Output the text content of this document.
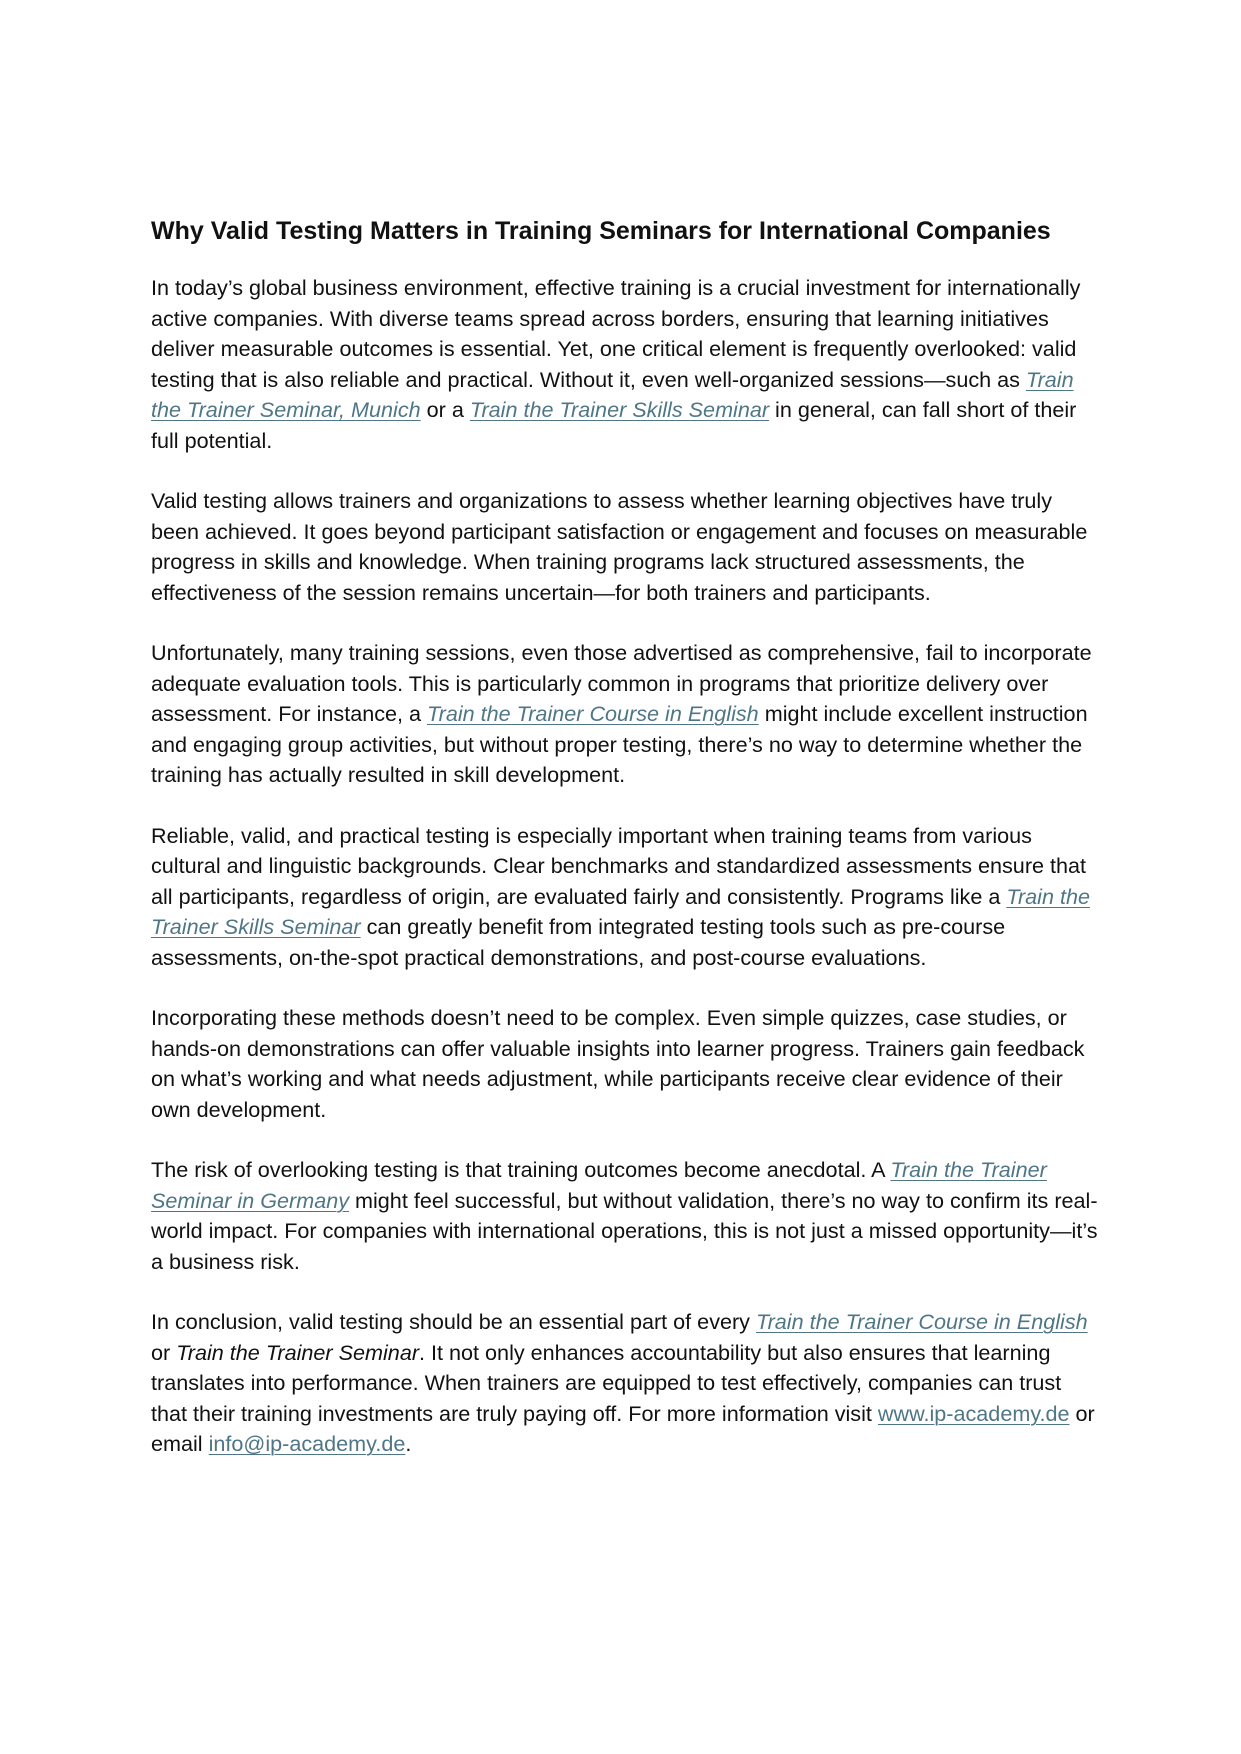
Why Valid Testing Matters in Training Seminars for International Companies

In today’s global business environment, effective training is a crucial investment for internationally active companies. With diverse teams spread across borders, ensuring that learning initiatives deliver measurable outcomes is essential. Yet, one critical element is frequently overlooked: valid testing that is also reliable and practical. Without it, even well-organized sessions—such as Train the Trainer Seminar, Munich or a Train the Trainer Skills Seminar in general, can fall short of their full potential.

Valid testing allows trainers and organizations to assess whether learning objectives have truly been achieved. It goes beyond participant satisfaction or engagement and focuses on measurable progress in skills and knowledge. When training programs lack structured assessments, the effectiveness of the session remains uncertain—for both trainers and participants.

Unfortunately, many training sessions, even those advertised as comprehensive, fail to incorporate adequate evaluation tools. This is particularly common in programs that prioritize delivery over assessment. For instance, a Train the Trainer Course in English might include excellent instruction and engaging group activities, but without proper testing, there’s no way to determine whether the training has actually resulted in skill development.

Reliable, valid, and practical testing is especially important when training teams from various cultural and linguistic backgrounds. Clear benchmarks and standardized assessments ensure that all participants, regardless of origin, are evaluated fairly and consistently. Programs like a Train the Trainer Skills Seminar can greatly benefit from integrated testing tools such as pre-course assessments, on-the-spot practical demonstrations, and post-course evaluations.

Incorporating these methods doesn’t need to be complex. Even simple quizzes, case studies, or hands-on demonstrations can offer valuable insights into learner progress. Trainers gain feedback on what’s working and what needs adjustment, while participants receive clear evidence of their own development.

The risk of overlooking testing is that training outcomes become anecdotal. A Train the Trainer Seminar in Germany might feel successful, but without validation, there’s no way to confirm its real-world impact. For companies with international operations, this is not just a missed opportunity—it’s a business risk.

In conclusion, valid testing should be an essential part of every Train the Trainer Course in English or Train the Trainer Seminar. It not only enhances accountability but also ensures that learning translates into performance. When trainers are equipped to test effectively, companies can trust that their training investments are truly paying off. For more information visit www.ip-academy.de or email info@ip-academy.de.
